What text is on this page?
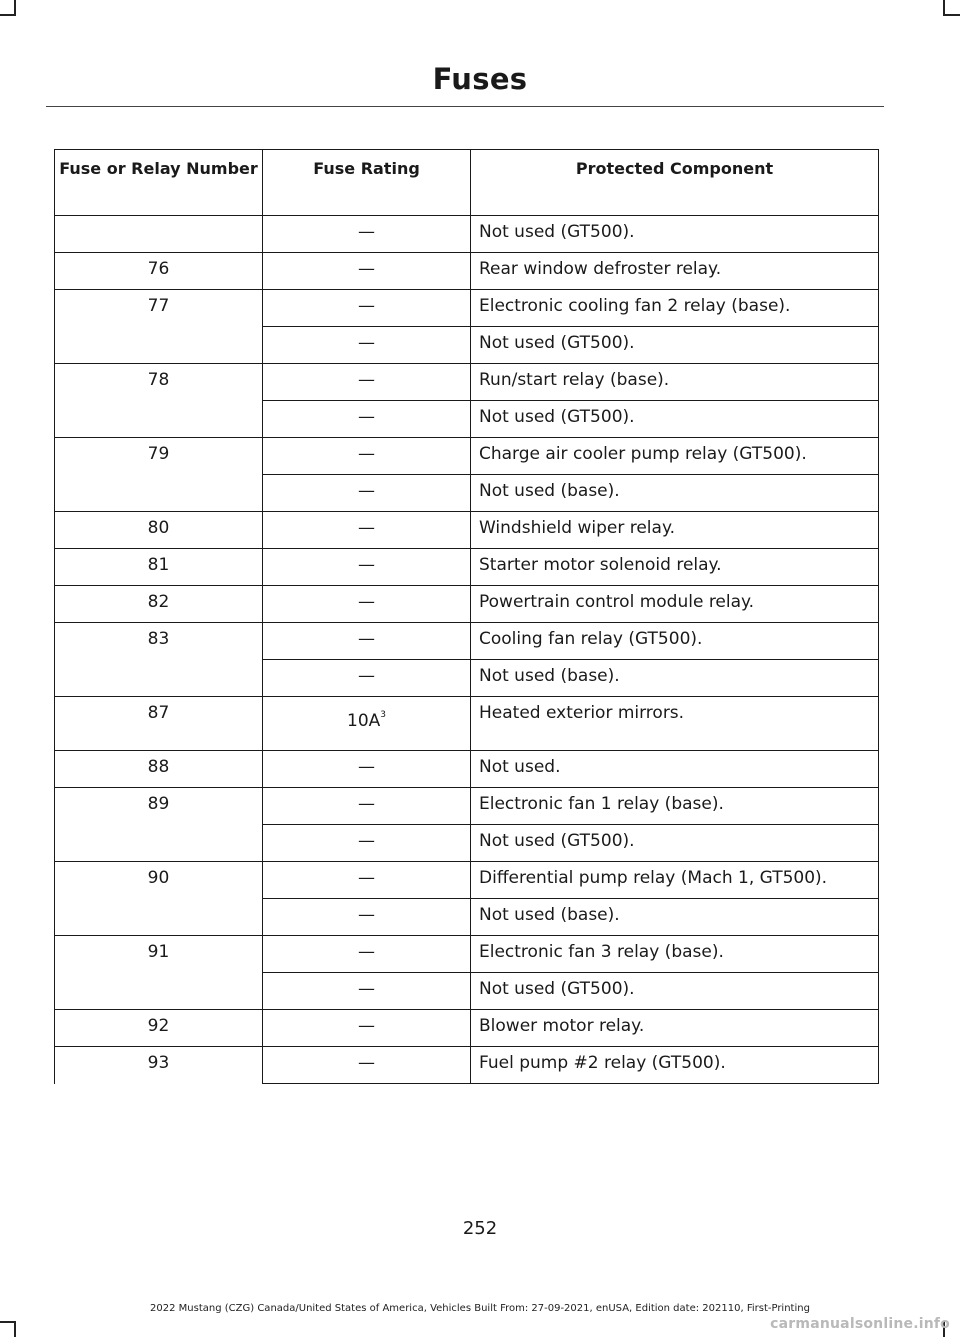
Fuses
Fuse or Relay Number	Fuse Rating	Protected Component
	—	Not used (GT500).
76	—	Rear window defroster relay.
77	—	Electronic cooling fan 2 relay (base).
	—	Not used (GT500).
78	—	Run/start relay (base).
	—	Not used (GT500).
79	—	Charge air cooler pump relay (GT500).
	—	Not used (base).
80	—	Windshield wiper relay.
81	—	Starter motor solenoid relay.
82	—	Powertrain control module relay.
83	—	Cooling fan relay (GT500).
	—	Not used (base).
87	$10A^3$	Heated exterior mirrors.
88	—	Not used.
89	—	Electronic fan 1 relay (base).
	—	Not used (GT500).
90	—	Differential pump relay (Mach 1, GT500).
	—	Not used (base).
91	—	Electronic fan 3 relay (base).
	—	Not used (GT500).
92	—	Blower motor relay.
93	—	Fuel pump #2 relay (GT500).
252
2022 Mustang (CZG) Canada/United States of America, Vehicles Built From: 27-09-2021, enUSA, Edition date: 202110, First-Printing
carmanualsonline.info
